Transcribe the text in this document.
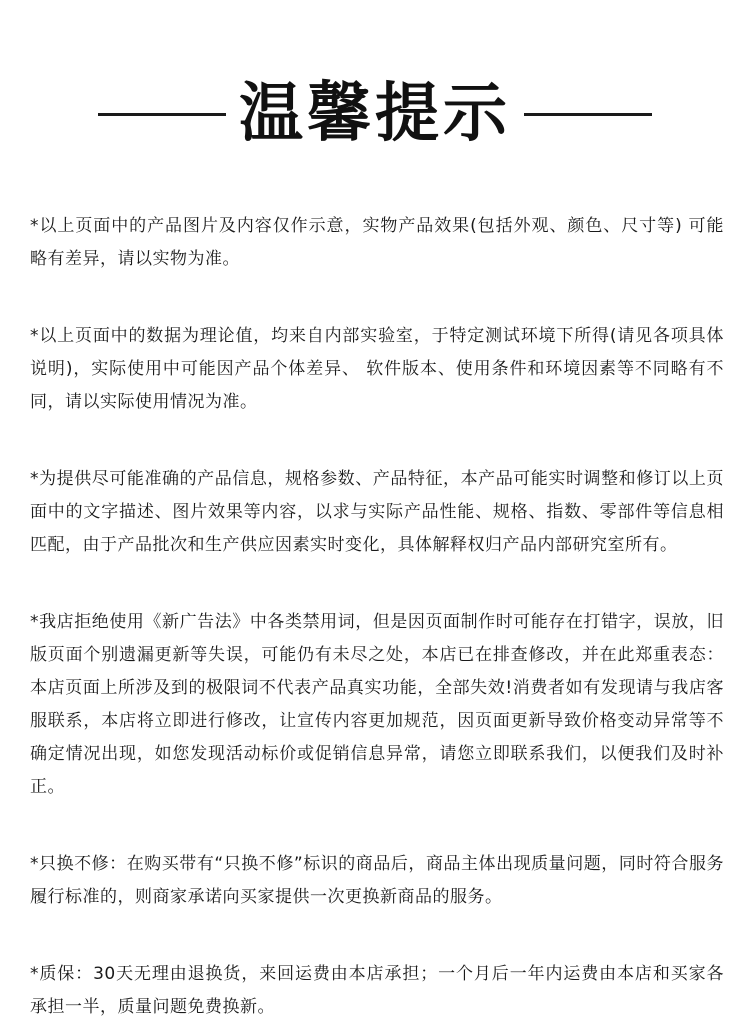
温馨提示

*以上页面中的产品图片及内容仅作示意，实物产品效果(包括外观、颜色、尺寸等) 可能略有差异，请以实物为准。

*以上页面中的数据为理论值，均来自内部实验室，于特定测试环境下所得(请见各项具体说明)，实际使用中可能因产品个体差异、 软件版本、使用条件和环境因素等不同略有不同，请以实际使用情况为准。

*为提供尽可能准确的产品信息，规格参数、产品特征，本产品可能实时调整和修订以上页面中的文字描述、图片效果等内容，以求与实际产品性能、规格、指数、零部件等信息相匹配，由于产品批次和生产供应因素实时变化，具体解释权归产品内部研究室所有。

*我店拒绝使用《新广告法》中各类禁用词，但是因页面制作时可能存在打错字，误放，旧版页面个别遗漏更新等失误，可能仍有未尽之处，本店已在排查修改，并在此郑重表态：本店页面上所涉及到的极限词不代表产品真实功能，全部失效!消费者如有发现请与我店客服联系，本店将立即进行修改，让宣传内容更加规范，因页面更新导致价格变动异常等不确定情况出现，如您发现活动标价或促销信息异常，请您立即联系我们，以便我们及时补正。

*只换不修：在购买带有“只换不修”标识的商品后，商品主体出现质量问题，同时符合服务履行标准的，则商家承诺向买家提供一次更换新商品的服务。

*质保：30天无理由退换货，来回运费由本店承担；一个月后一年内运费由本店和买家各承担一半，质量问题免费换新。
